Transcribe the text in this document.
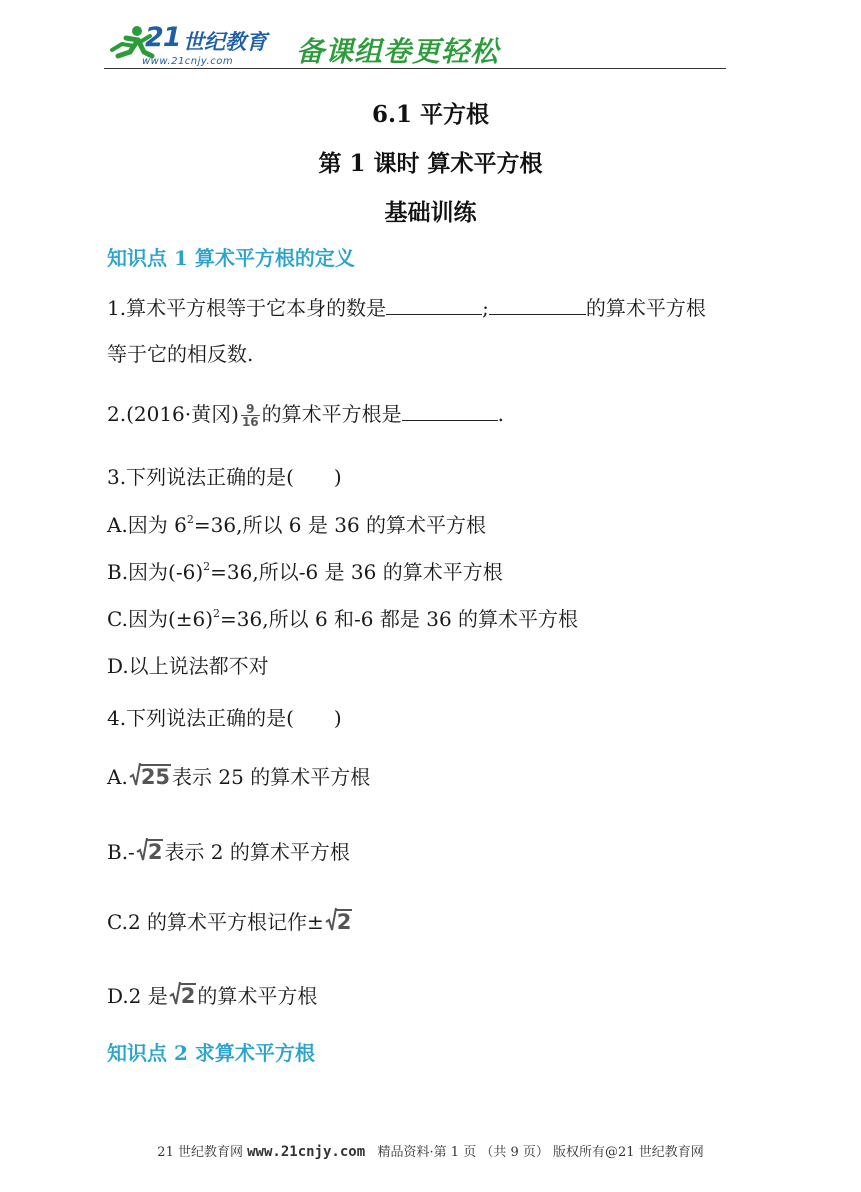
21 世纪教育
www.21cnjy.com 备课组卷更轻松
6.1 平方根
第 1 课时 算术平方根
基础训练
知识点 1 算术平方根的定义
1.算术平方根等于它本身的数是	;	的算术平方根
等于它的相反数.
2.(2016·黄冈) $\frac{9}{16}$ 的算术平方根是	.
3.下列说法正确的是(　　)
A.因为 $6^2=36$,所以 6 是 36 的算术平方根
B.因为$(-6)^2=36$,所以-6 是 36 的算术平方根
C.因为$(\pm 6)^2=36$,所以 6 和-6 都是 36 的算术平方根
D.以上说法都不对
4.下列说法正确的是(　　)
A. 25 表示 25 的算术平方根
B.- 2 表示 2 的算术平方根
C.2 的算术平方根记作± 2
D.2 是 2 的算术平方根
知识点 2 求算术平方根
21 世纪教育网 www.21cnjy.com 精品资料·第 1 页 （共 9 页） 版权所有@21 世纪教育网
